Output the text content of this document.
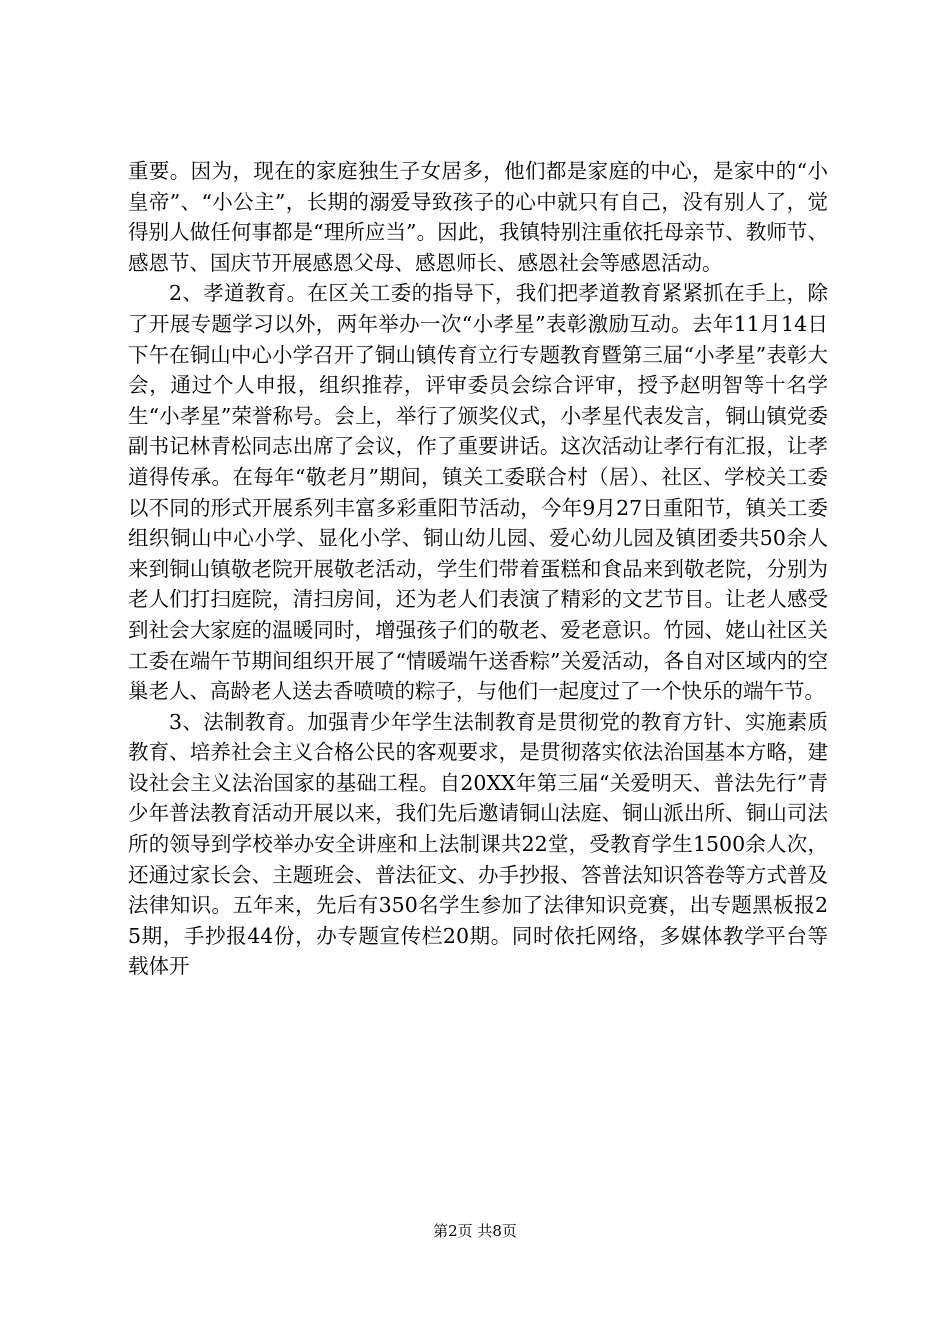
重要。因为，现在的家庭独生子女居多，他们都是家庭的中心，是家中的“小皇帝”、“小公主”，长期的溺爱导致孩子的心中就只有自己，没有别人了，觉得别人做任何事都是“理所应当”。因此，我镇特别注重依托母亲节、教师节、感恩节、国庆节开展感恩父母、感恩师长、感恩社会等感恩活动。

2、孝道教育。在区关工委的指导下，我们把孝道教育紧紧抓在手上，除了开展专题学习以外，两年举办一次“小孝星”表彰激励互动。去年11月14日下午在铜山中心小学召开了铜山镇传育立行专题教育暨第三届“小孝星”表彰大会，通过个人申报，组织推荐，评审委员会综合评审，授予赵明智等十名学生“小孝星”荣誉称号。会上，举行了颁奖仪式，小孝星代表发言，铜山镇党委副书记林青松同志出席了会议，作了重要讲话。这次活动让孝行有汇报，让孝道得传承。在每年“敬老月”期间，镇关工委联合村（居）、社区、学校关工委以不同的形式开展系列丰富多彩重阳节活动，今年9月27日重阳节，镇关工委组织铜山中心小学、显化小学、铜山幼儿园、爱心幼儿园及镇团委共50余人来到铜山镇敬老院开展敬老活动，学生们带着蛋糕和食品来到敬老院，分别为老人们打扫庭院，清扫房间，还为老人们表演了精彩的文艺节目。让老人感受到社会大家庭的温暖同时，增强孩子们的敬老、爱老意识。竹园、姥山社区关工委在端午节期间组织开展了“情暖端午送香粽”关爱活动，各自对区域内的空巢老人、高龄老人送去香喷喷的粽子，与他们一起度过了一个快乐的端午节。

3、法制教育。加强青少年学生法制教育是贯彻党的教育方针、实施素质教育、培养社会主义合格公民的客观要求，是贯彻落实依法治国基本方略，建设社会主义法治国家的基础工程。自20XX年第三届“关爱明天、普法先行”青少年普法教育活动开展以来，我们先后邀请铜山法庭、铜山派出所、铜山司法所的领导到学校举办安全讲座和上法制课共22堂，受教育学生1500余人次，还通过家长会、主题班会、普法征文、办手抄报、答普法知识答卷等方式普及法律知识。五年来，先后有350名学生参加了法律知识竞赛，出专题黑板报25期，手抄报44份，办专题宣传栏20期。同时依托网络，多媒体教学平台等载体开

第2页 共8页
